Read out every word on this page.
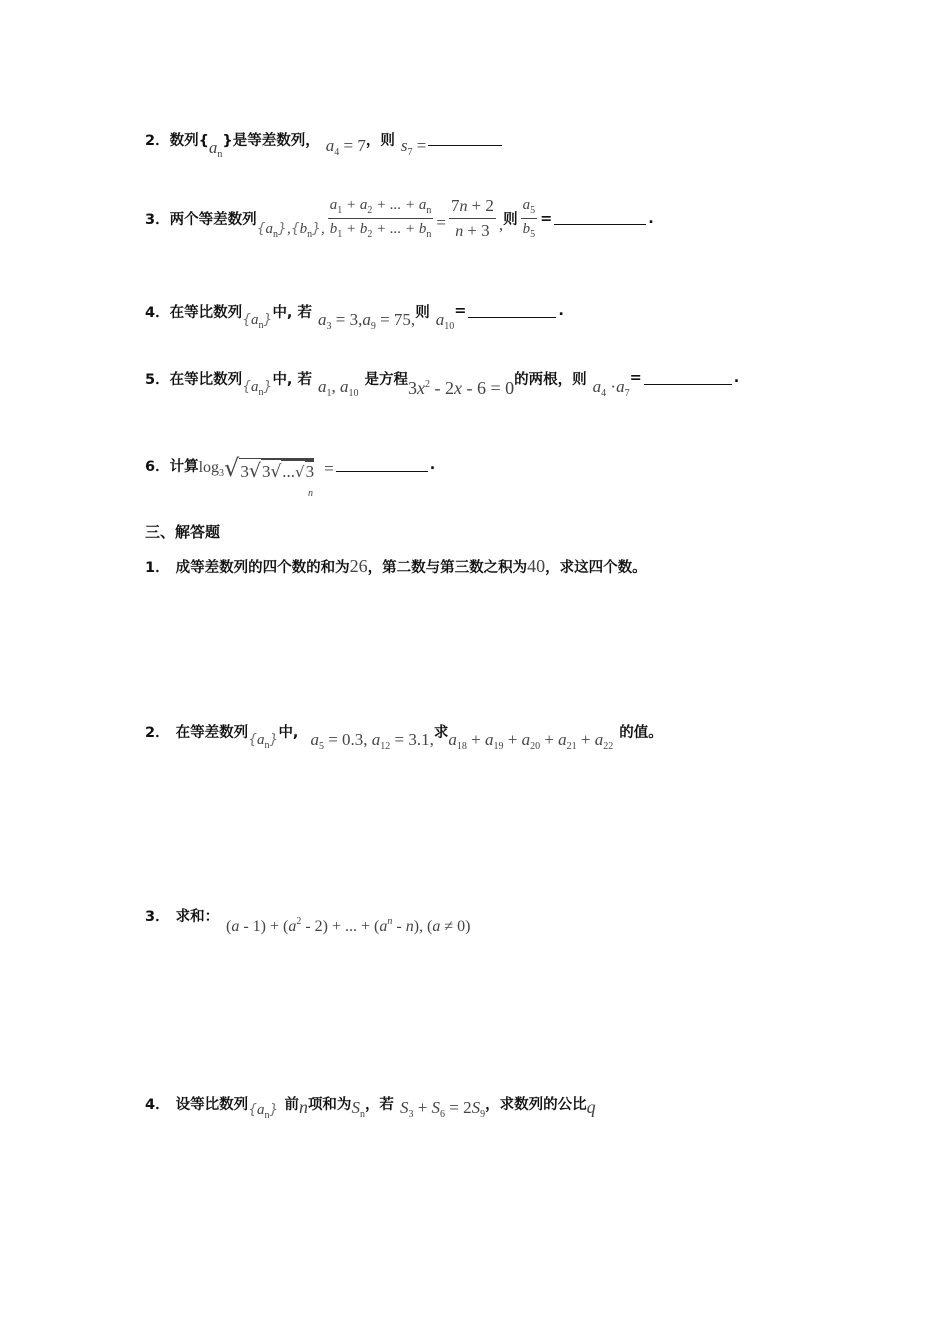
2． 数列{ $a_n$
}是等差数列， $a_4 = 7$ ，则 $s_7$ =
3． 两个等差数列
$\{a_n\},\{b_n\}$, $\frac{a_1 + a_2 + ... + a_n}{b_1 + b_2 + ... + b_n} = \frac{7n + 2}{n + 3}$ , 则 $\frac{a_5}{b_5}$ =	.
4． 在等比数列 $\{a_n\}$ 中, 若 $a_3 = 3,a_9 = 75$, 则 $a_{10}$
=	.
5． 在等比数列 $\{a_n\}$ 中, 若 $a_1$, $a_{10}$
是方程 $3x^2 - 2x - 6 = 0$ 的两根，则 $a_4 \cdot a_7$
=	.
6． 计算 $\log_3$ √ 3√3√...√3
n
=	.
三、解答题
1． 成等差数列的四个数的和为 26 ，第二数与第三数之积为 40 ，求这四个数。
2． 在等差数列 $\{a_n\}$ 中, $a_5 = 0.3$, $a_{12} = 3.1$, 求 $a_{18} + a_{19} + a_{20} + a_{21} + a_{22}$
的值。
3． 求和：
$(a - 1) + (a^2 - 2)$ + ... + $(a^n - n)$, (a ≠ 0)
4． 设等比数列 $\{a_n\}$ 前 n 项和为 $S_n$
，若 $S_3 + S_6 = 2S_9$
，求数列的公比 q
